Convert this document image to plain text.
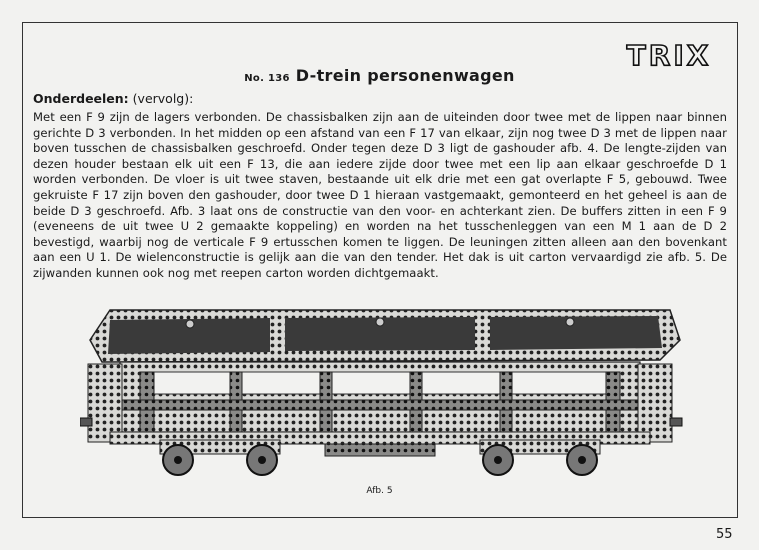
TRIX
No. 136 D-trein personenwagen
Onderdeelen: (vervolg):
Met een F 9 zijn de lagers verbonden. De chassisbalken zijn aan de uiteinden door twee met de lippen naar binnen gerichte D 3 verbonden. In het midden op een afstand van een F 17 van elkaar, zijn nog twee D 3 met de lippen naar boven tusschen de chassisbalken geschroefd. Onder tegen deze D 3 ligt de gashouder afb. 4. De lengte-zijden van dezen houder bestaan elk uit een F 13, die aan iedere zijde door twee met een lip aan elkaar geschroefde D 1 worden verbonden. De vloer is uit twee staven, bestaande uit elk drie met een gat overlapte F 5, gebouwd. Twee gekruiste F 17 zijn boven den gashouder, door twee D 1 hieraan vastgemaakt, gemonteerd en het geheel is aan de beide D 3 geschroefd. Afb. 3 laat ons de constructie van den voor- en achterkant zien. De buffers zitten in een F 9 (eveneens de uit twee U 2 gemaakte koppeling) en worden na het tusschenleggen van een M 1 aan de D 2 bevestigd, waarbij nog de verticale F 9 ertusschen komen te liggen. De leuningen zitten alleen aan den bovenkant aan een U 1. De wielenconstructie is gelijk aan die van den tender. Het dak is uit carton vervaardigd zie afb. 5. De zijwanden kunnen ook nog met reepen carton worden dichtgemaakt.
Afb. 5
55
